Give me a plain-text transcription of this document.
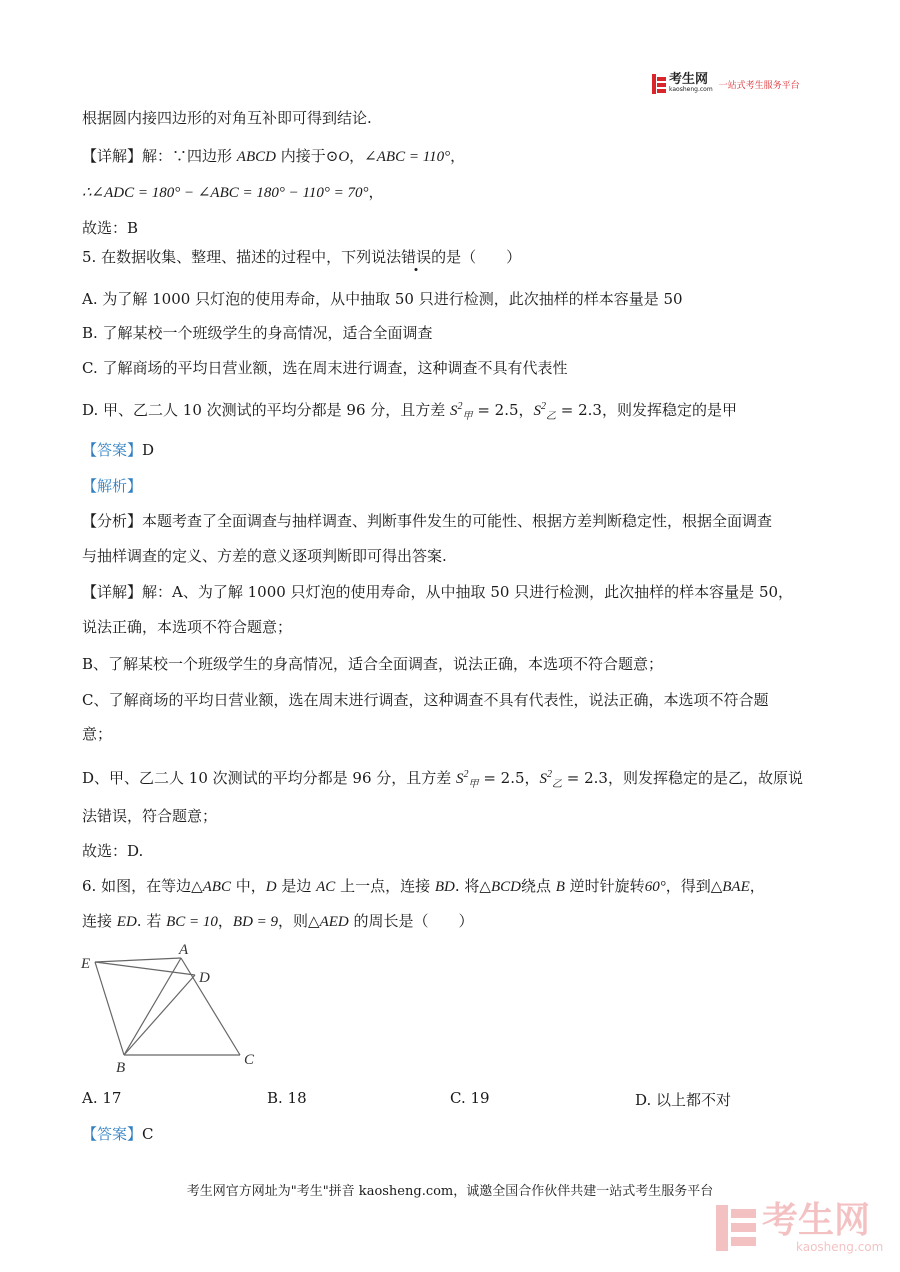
考生网
kaosheng.com 一站式考生服务平台
根据圆内接四边形的对角互补即可得到结论.
【详解】解：∵四边形 ABCD 内接于⊙O，∠ABC = 110°，
∴∠ADC = 180° − ∠ABC = 180° − 110° = 70°，
故选：B
5. 在数据收集、整理、描述的过程中，下列说法错误的是（　　）
A. 为了解 1000 只灯泡的使用寿命，从中抽取 50 只进行检测，此次抽样的样本容量是 50
B. 了解某校一个班级学生的身高情况，适合全面调查
C. 了解商场的平均日营业额，选在周末进行调查，这种调查不具有代表性
D. 甲、乙二人 10 次测试的平均分都是 96 分，且方差 $S^2_甲 = 2.5$，$S^2_乙 = 2.3$，则发挥稳定的是甲
【答案】D
【解析】
【分析】本题考查了全面调查与抽样调查、判断事件发生的可能性、根据方差判断稳定性，根据全面调查
与抽样调查的定义、方差的意义逐项判断即可得出答案.
【详解】解：A、为了解 1000 只灯泡的使用寿命，从中抽取 50 只进行检测，此次抽样的样本容量是 50，
说法正确，本选项不符合题意；
B、了解某校一个班级学生的身高情况，适合全面调查，说法正确，本选项不符合题意；
C、了解商场的平均日营业额，选在周末进行调查，这种调查不具有代表性，说法正确，本选项不符合题
意；
D、甲、乙二人 10 次测试的平均分都是 96 分，且方差 $S^2_甲 = 2.5$，$S^2_乙 = 2.3$，则发挥稳定的是乙，故原说
法错误，符合题意；
故选：D.
6. 如图，在等边△ABC 中，D 是边 AC 上一点，连接 BD. 将△BCD绕点 B 逆时针旋转60°，得到△BAE，
连接 ED. 若 BC = 10，BD = 9，则△AED 的周长是（　　）
E
A
D
B	C
A. 17	B. 18	C. 19	D. 以上都不对
【答案】C
考生网官方网址为"考生"拼音 kaosheng.com，诚邀全国合作伙伴共建一站式考生服务平台
考生网
kaosheng.com
